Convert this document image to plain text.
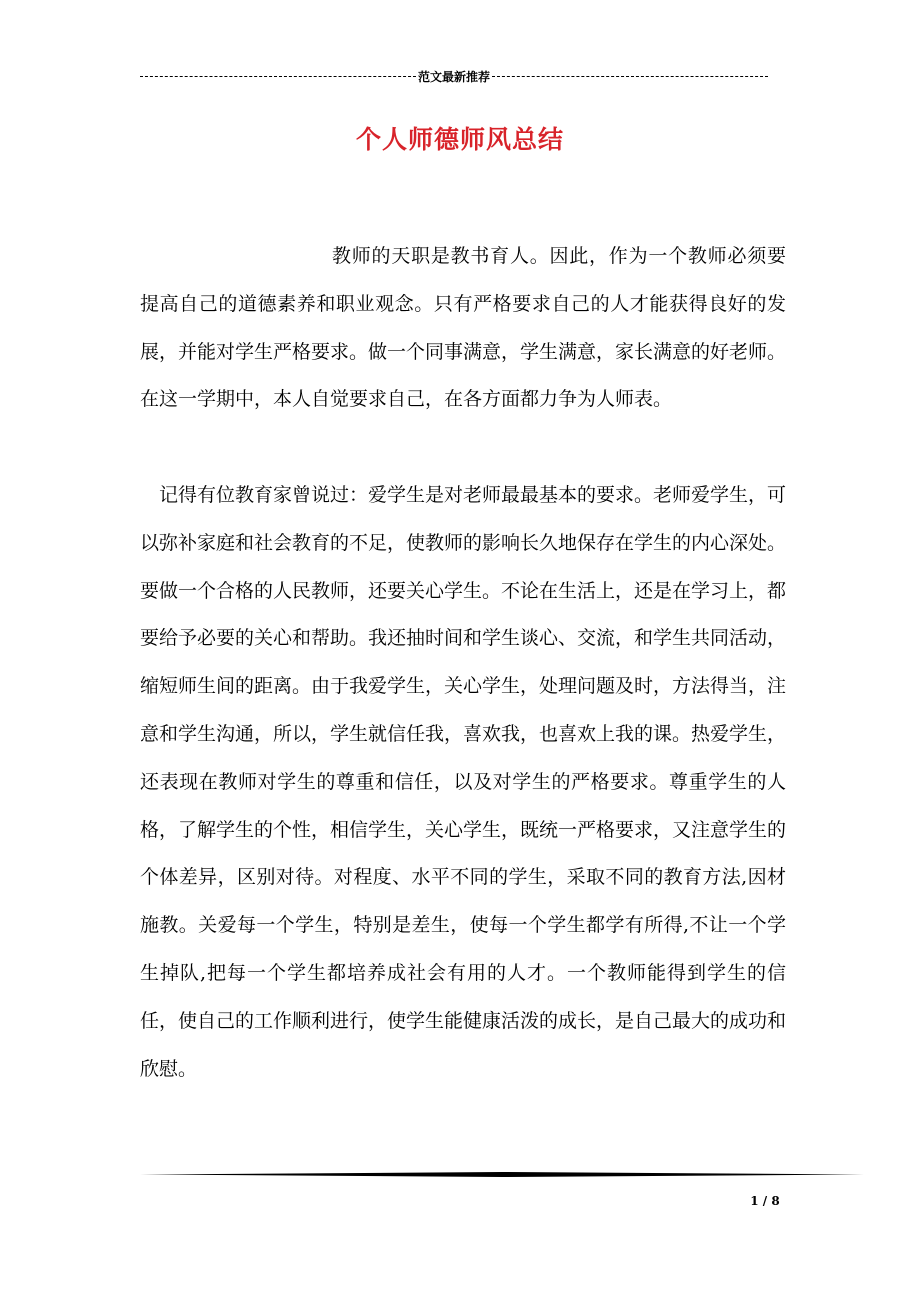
范文最新推荐
个人师德师风总结

教师的天职是教书育人。因此，作为一个教师必须要提高自己的道德素养和职业观念。只有严格要求自己的人才能获得良好的发展，并能对学生严格要求。做一个同事满意，学生满意，家长满意的好老师。在这一学期中，本人自觉要求自己，在各方面都力争为人师表。

记得有位教育家曾说过：爱学生是对老师最最基本的要求。老师爱学生，可以弥补家庭和社会教育的不足，使教师的影响长久地保存在学生的内心深处。要做一个合格的人民教师，还要关心学生。不论在生活上，还是在学习上，都要给予必要的关心和帮助。我还抽时间和学生谈心、交流，和学生共同活动，缩短师生间的距离。由于我爱学生，关心学生，处理问题及时，方法得当，注意和学生沟通，所以，学生就信任我，喜欢我，也喜欢上我的课。热爱学生，还表现在教师对学生的尊重和信任，以及对学生的严格要求。尊重学生的人格，了解学生的个性，相信学生，关心学生，既统一严格要求，又注意学生的个体差异，区别对待。对程度、水平不同的学生，采取不同的教育方法,因材施教。关爱每一个学生，特别是差生，使每一个学生都学有所得,不让一个学生掉队,把每一个学生都培养成社会有用的人才。一个教师能得到学生的信任，使自己的工作顺利进行，使学生能健康活泼的成长，是自己最大的成功和欣慰。

1 / 8
